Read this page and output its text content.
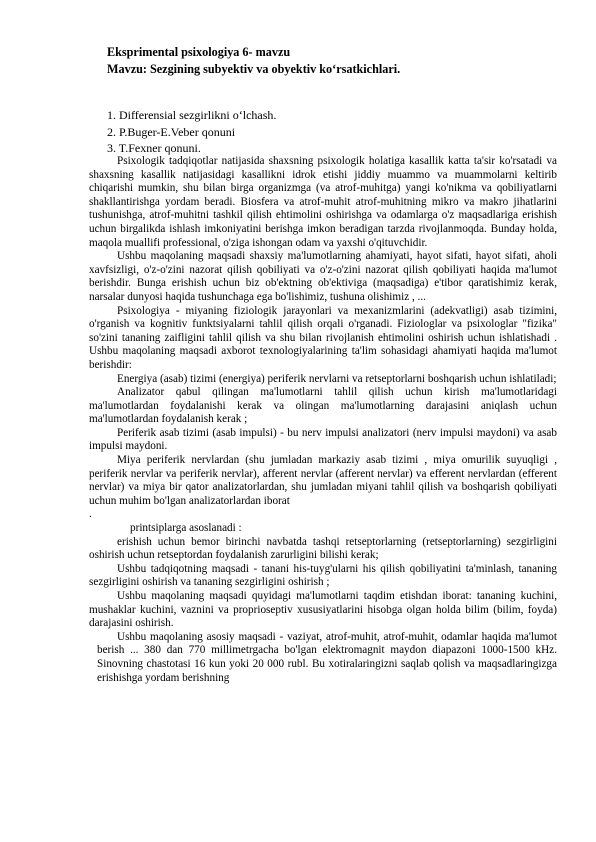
Eksprimental psixologiya 6- mavzu
Mavzu: Sezgining subyektiv va obyektiv ko‘rsatkichlari.
1. Differensial sezgirlikni o‘lchash.
2. P.Buger-E.Veber qonuni
3. T.Fexner qonuni.

Psixologik tadqiqotlar natijasida shaxsning psixologik holatiga kasallik katta ta'sir ko'rsatadi va shaxsning kasallik natijasidagi kasallikni idrok etishi jiddiy muammo va muammolarni keltirib chiqarishi mumkin, shu bilan birga organizmga (va atrof-muhitga) yangi ko'nikma va qobiliyatlarni shakllantirishga yordam beradi. Biosfera va atrof-muhit atrof-muhitning mikro va makro jihatlarini tushunishga, atrof-muhitni tashkil qilish ehtimolini oshirishga va odamlarga o'z maqsadlariga erishish uchun birgalikda ishlash imkoniyatini berishga imkon beradigan tarzda rivojlanmoqda. Bunday holda, maqola muallifi professional, o'ziga ishongan odam va yaxshi o'qituvchidir.

Ushbu maqolaning maqsadi shaxsiy ma'lumotlarning ahamiyati, hayot sifati, hayot sifati, aholi xavfsizligi, o'z-o'zini nazorat qilish qobiliyati va o'z-o'zini nazorat qilish qobiliyati haqida ma'lumot berishdir. Bunga erishish uchun biz ob'ektning ob'ektiviga (maqsadiga) e'tibor qaratishimiz kerak, narsalar dunyosi haqida tushunchaga ega bo'lishimiz, tushuna olishimiz , ...

Psixologiya - miyaning fiziologik jarayonlari va mexanizmlarini (adekvatligi) asab tizimini, o'rganish va kognitiv funktsiyalarni tahlil qilish orqali o'rganadi. Fiziologlar va psixologlar "fizika" so'zini tananing zaifligini tahlil qilish va shu bilan rivojlanish ehtimolini oshirish uchun ishlatishadi . Ushbu maqolaning maqsadi axborot texnologiyalarining ta'lim sohasidagi ahamiyati haqida ma'lumot berishdir:

Energiya (asab) tizimi (energiya) periferik nervlarni va retseptorlarni boshqarish uchun ishlatiladi;

Analizator qabul qilingan ma'lumotlarni tahlil qilish uchun kirish ma'lumotlaridagi ma'lumotlardan foydalanishi kerak va olingan ma'lumotlarning darajasini aniqlash uchun ma'lumotlardan foydalanish kerak ;

Periferik asab tizimi (asab impulsi) - bu nerv impulsi analizatori (nerv impulsi maydoni) va asab impulsi maydoni.

Miya periferik nervlardan (shu jumladan markaziy asab tizimi , miya omurilik suyuqligi , periferik nervlar va periferik nervlar), afferent nervlar (afferent nervlar) va efferent nervlardan (efferent nervlar) va miya bir qator analizatorlardan, shu jumladan miyani tahlil qilish va boshqarish qobiliyati uchun muhim bo'lgan analizatorlardan iborat

.

printsiplarga asoslanadi :

erishish uchun bemor birinchi navbatda tashqi retseptorlarning (retseptorlarning) sezgirligini oshirish uchun retseptordan foydalanish zarurligini bilishi kerak;

Ushbu tadqiqotning maqsadi - tanani his-tuyg'ularni his qilish qobiliyatini ta'minlash, tananing sezgirligini oshirish va tananing sezgirligini oshirish ;

Ushbu maqolaning maqsadi quyidagi ma'lumotlarni taqdim etishdan iborat: tananing kuchini, mushaklar kuchini, vaznini va proprioseptiv xususiyatlarini hisobga olgan holda bilim (bilim, foyda) darajasini oshirish.

Ushbu maqolaning asosiy maqsadi - vaziyat, atrof-muhit, atrof-muhit, odamlar haqida ma'lumot berish ... 380 dan 770 millimetrgacha bo'lgan elektromagnit maydon diapazoni 1000-1500 kHz. Sinovning chastotasi 16 kun yoki 20 000 rubl. Bu xotiralaringizni saqlab qolish va maqsadlaringizga erishishga yordam berishning
